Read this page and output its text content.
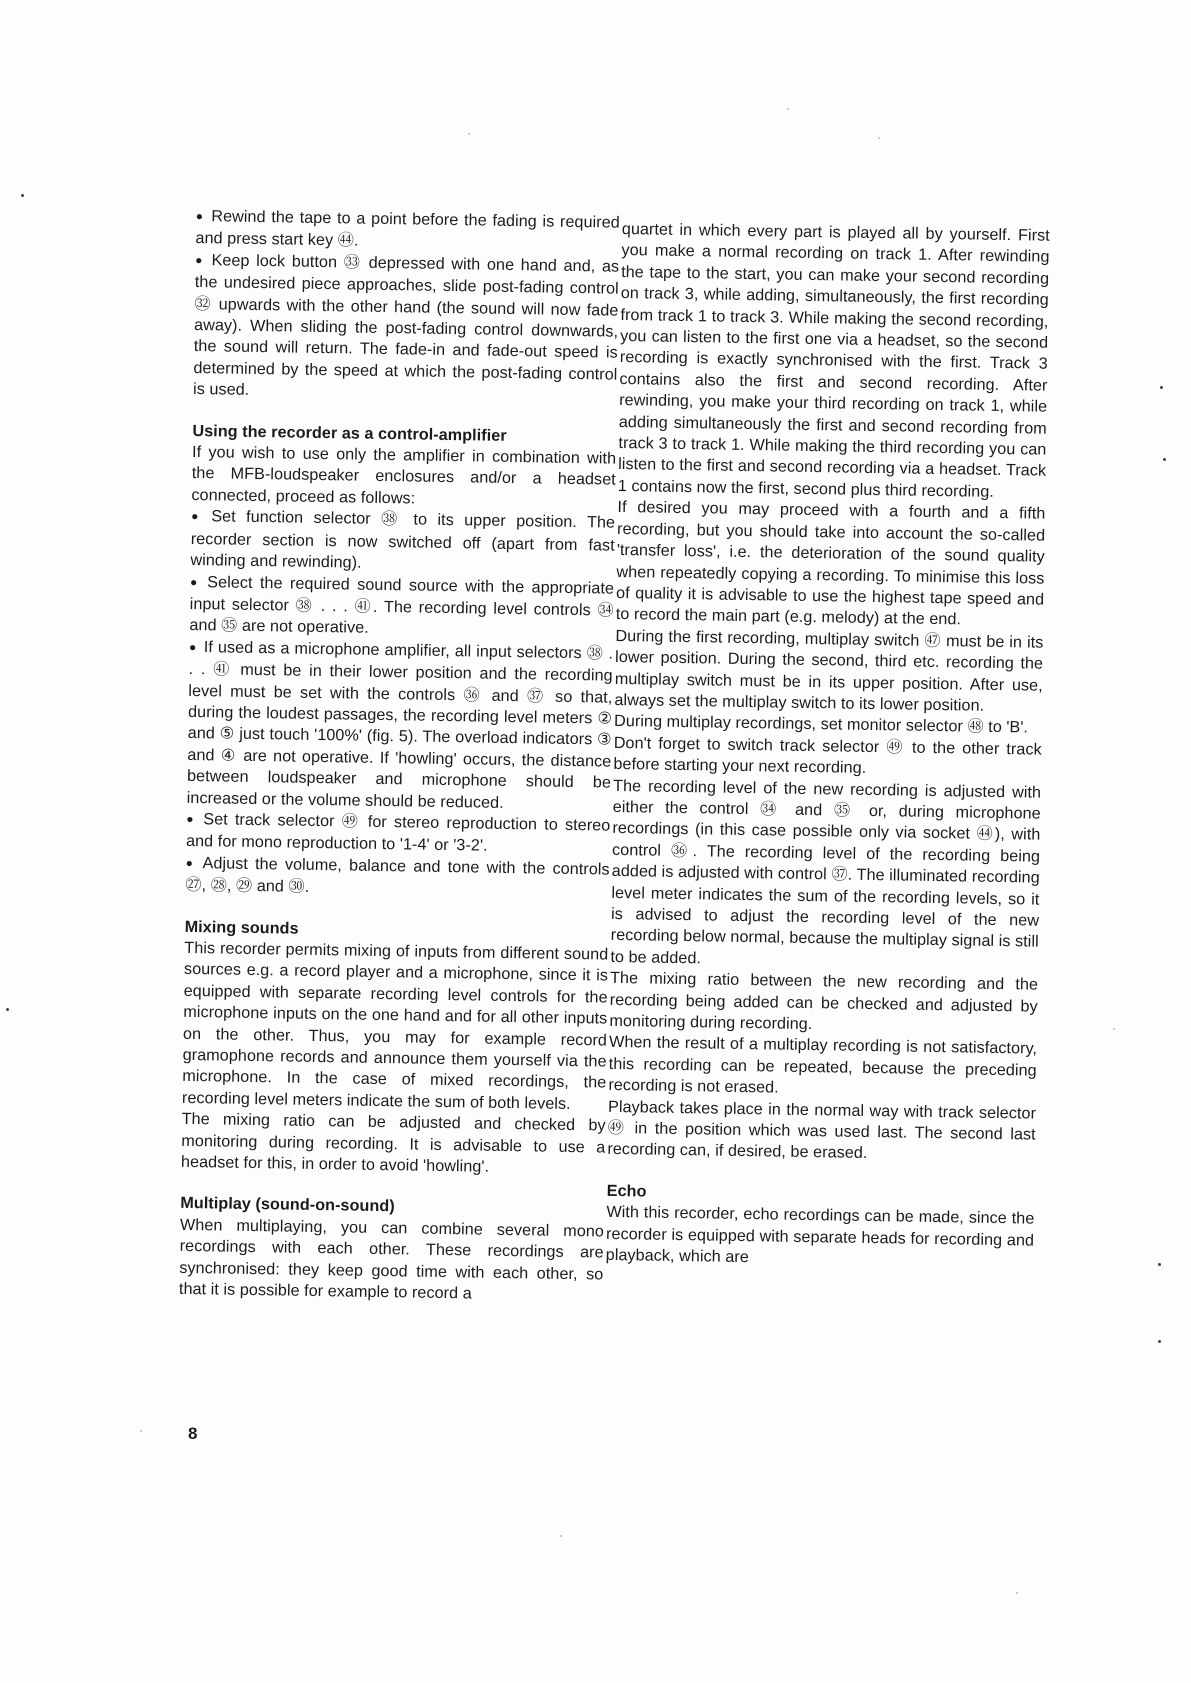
● Rewind the tape to a point before the fading is required and press start key ㊹.

● Keep lock button ㉝ depressed with one hand and, as the undesired piece approaches, slide post-fading control ㉜ upwards with the other hand (the sound will now fade away). When sliding the post-fading control downwards, the sound will return. The fade-in and fade-out speed is determined by the speed at which the post-fading control is used.

Using the recorder as a control-amplifier

If you wish to use only the amplifier in combination with the MFB-loudspeaker enclosures and/or a headset connected, proceed as follows:

● Set function selector ㊳ to its upper position. The recorder section is now switched off (apart from fast winding and rewinding).

● Select the required sound source with the appropriate input selector ㊳ . . . ㊶. The recording level controls ㉞ and ㉟ are not operative.

● If used as a microphone amplifier, all input selectors ㊳ . . . ㊶ must be in their lower position and the recording level must be set with the controls ㊱ and ㊲ so that, during the loudest passages, the recording level meters ② and ⑤ just touch '100%' (fig. 5). The overload indicators ③ and ④ are not operative. If 'howling' occurs, the distance between loudspeaker and microphone should be increased or the volume should be reduced.

● Set track selector ㊾ for stereo reproduction to stereo and for mono reproduction to '1-4' or '3-2'.

● Adjust the volume, balance and tone with the controls ㉗, ㉘, ㉙ and ㉚.

Mixing sounds

This recorder permits mixing of inputs from different sound sources e.g. a record player and a microphone, since it is equipped with separate recording level controls for the microphone inputs on the one hand and for all other inputs on the other. Thus, you may for example record gramophone records and announce them yourself via the microphone. In the case of mixed recordings, the recording level meters indicate the sum of both levels.

The mixing ratio can be adjusted and checked by monitoring during recording. It is advisable to use a headset for this, in order to avoid 'howling'.

Multiplay (sound-on-sound)

When multiplaying, you can combine several mono recordings with each other. These recordings are synchronised: they keep good time with each other, so that it is possible for example to record a

quartet in which every part is played all by yourself. First you make a normal recording on track 1. After rewinding the tape to the start, you can make your second recording on track 3, while adding, simultaneously, the first recording from track 1 to track 3. While making the second recording, you can listen to the first one via a headset, so the second recording is exactly synchronised with the first. Track 3 contains also the first and second recording. After rewinding, you make your third recording on track 1, while adding simultaneously the first and second recording from track 3 to track 1. While making the third recording you can listen to the first and second recording via a headset. Track 1 contains now the first, second plus third recording.

If desired you may proceed with a fourth and a fifth recording, but you should take into account the so-called 'transfer loss', i.e. the deterioration of the sound quality when repeatedly copying a recording. To minimise this loss of quality it is advisable to use the highest tape speed and to record the main part (e.g. melody) at the end.

During the first recording, multiplay switch ㊼ must be in its lower position. During the second, third etc. recording the multiplay switch must be in its upper position. After use, always set the multiplay switch to its lower position.

During multiplay recordings, set monitor selector ㊽ to 'B'.

Don't forget to switch track selector ㊾ to the other track before starting your next recording.

The recording level of the new recording is adjusted with either the control ㉞ and ㉟ or, during microphone recordings (in this case possible only via socket ㊹), with control ㊱. The recording level of the recording being added is adjusted with control ㊲. The illuminated recording level meter indicates the sum of the recording levels, so it is advised to adjust the recording level of the new recording below normal, because the multiplay signal is still to be added.

The mixing ratio between the new recording and the recording being added can be checked and adjusted by monitoring during recording.

When the result of a multiplay recording is not satisfactory, this recording can be repeated, because the preceding recording is not erased.

Playback takes place in the normal way with track selector ㊾ in the position which was used last. The second last recording can, if desired, be erased.

Echo

With this recorder, echo recordings can be made, since the recorder is equipped with separate heads for recording and playback, which are

8
